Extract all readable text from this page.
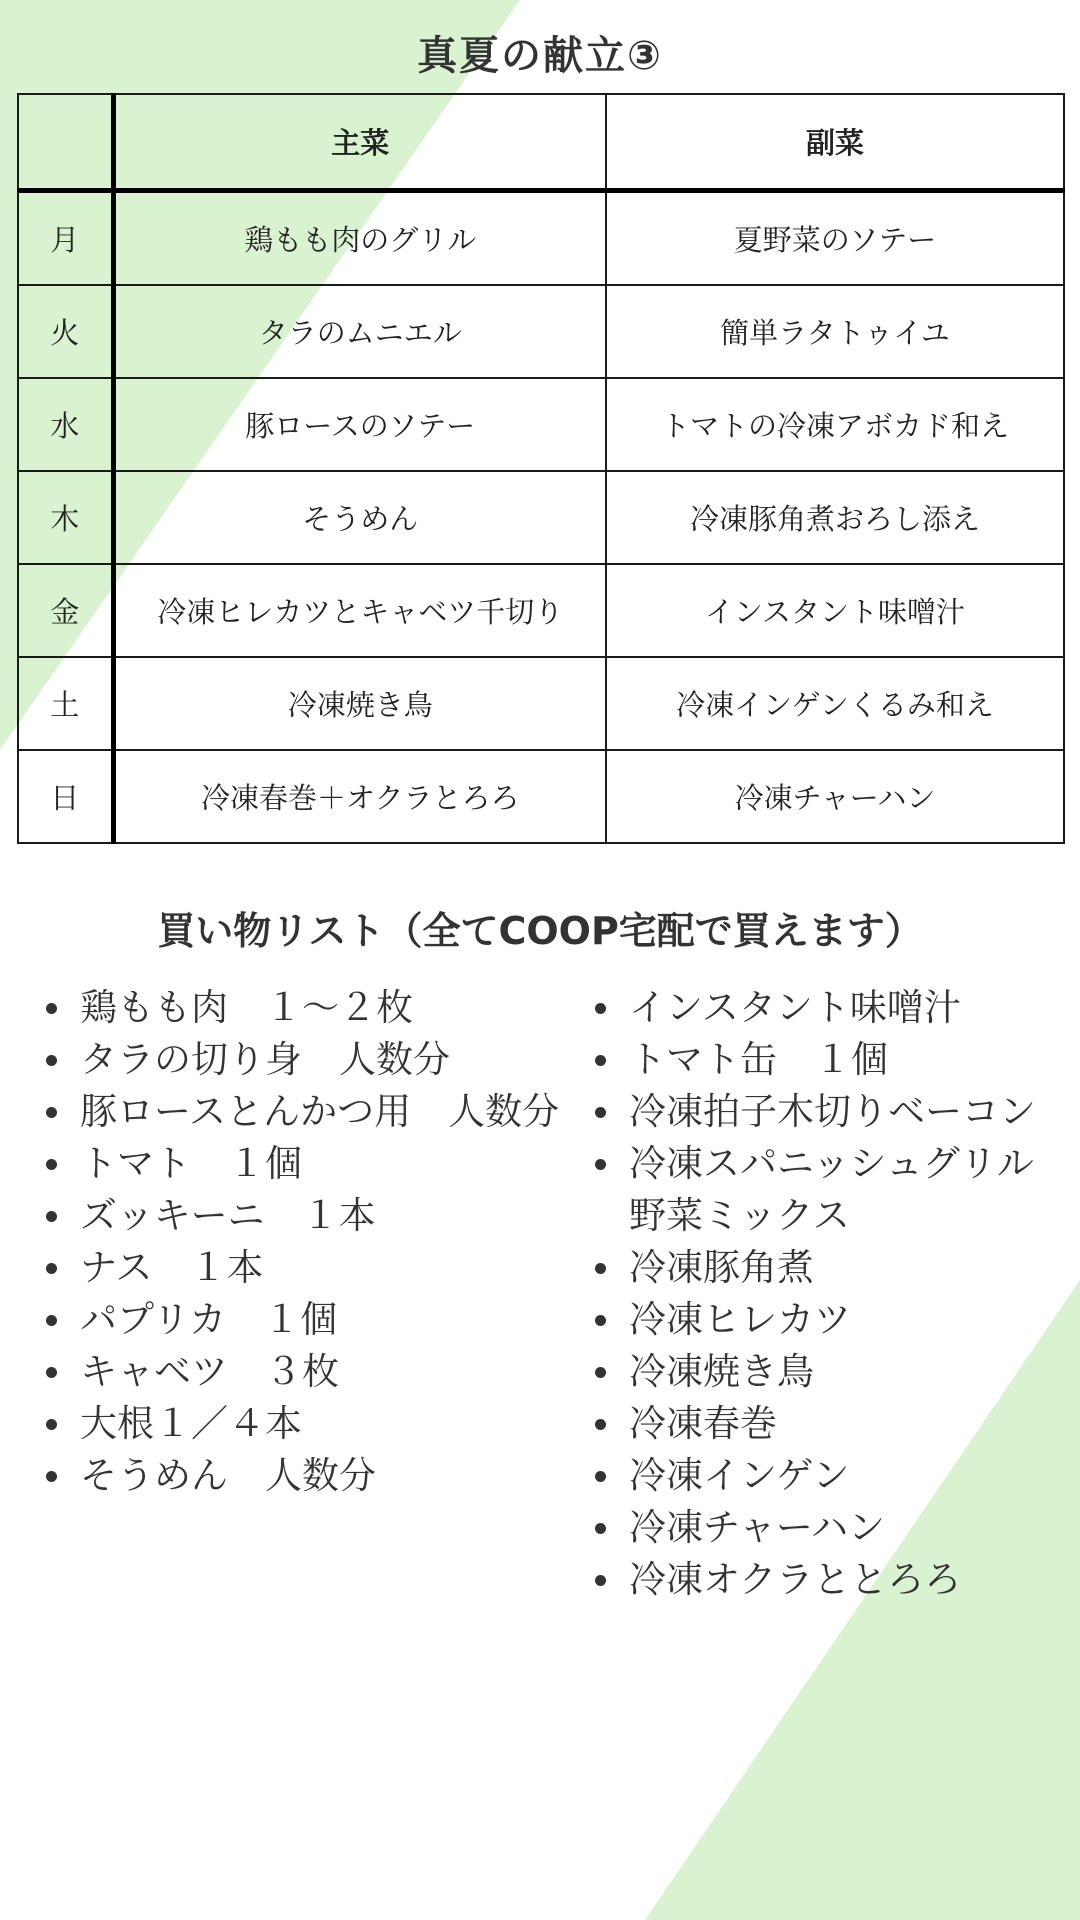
真夏の献立③
	主菜	副菜
月	鶏もも肉のグリル	夏野菜のソテー
火	タラのムニエル	簡単ラタトゥイユ
水	豚ロースのソテー	トマトの冷凍アボカド和え
木	そうめん	冷凍豚角煮おろし添え
金	冷凍ヒレカツとキャベツ千切り	インスタント味噌汁
土	冷凍焼き鳥	冷凍インゲンくるみ和え
日	冷凍春巻＋オクラとろろ	冷凍チャーハン
買い物リスト（全てCOOP宅配で買えます）
鶏もも肉　１～２枚
タラの切り身　人数分
豚ロースとんかつ用　人数分
トマト　１個
ズッキーニ　１本
ナス　１本
パプリカ　１個
キャベツ　３枚
大根１／４本
そうめん　人数分
インスタント味噌汁
トマト缶　１個
冷凍拍子木切りベーコン
冷凍スパニッシュグリル
野菜ミックス
冷凍豚角煮
冷凍ヒレカツ
冷凍焼き鳥
冷凍春巻
冷凍インゲン
冷凍チャーハン
冷凍オクラととろろ
